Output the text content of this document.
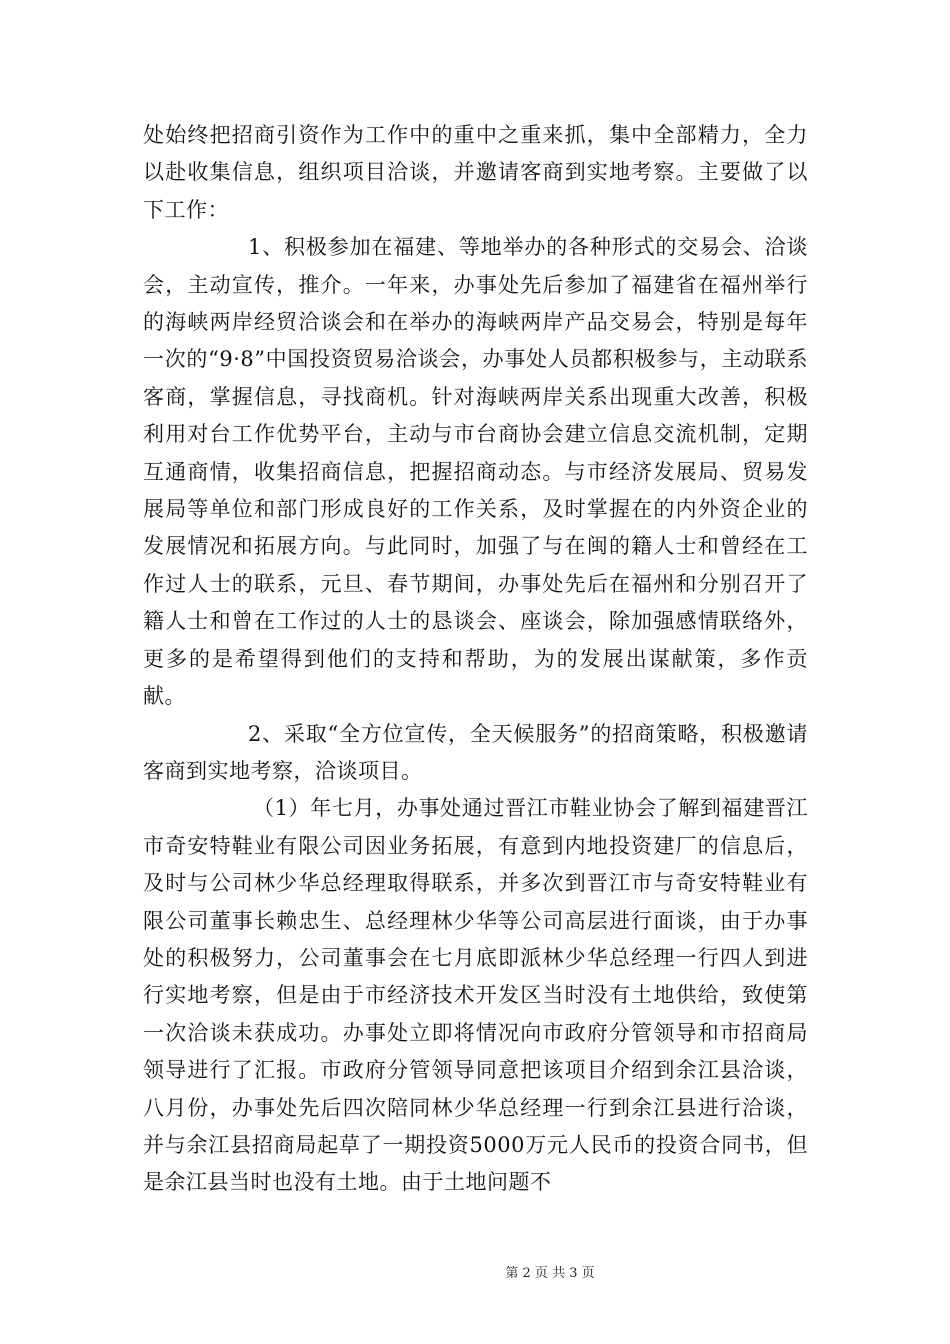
处始终把招商引资作为工作中的重中之重来抓，集中全部精力，全力以赴收集信息，组织项目洽谈，并邀请客商到实地考察。主要做了以下工作：

1、积极参加在福建、等地举办的各种形式的交易会、洽谈会，主动宣传，推介。一年来，办事处先后参加了福建省在福州举行的海峡两岸经贸洽谈会和在举办的海峡两岸产品交易会，特别是每年一次的“9·8”中国投资贸易洽谈会，办事处人员都积极参与，主动联系客商，掌握信息，寻找商机。针对海峡两岸关系出现重大改善，积极利用对台工作优势平台，主动与市台商协会建立信息交流机制，定期互通商情，收集招商信息，把握招商动态。与市经济发展局、贸易发展局等单位和部门形成良好的工作关系，及时掌握在的内外资企业的发展情况和拓展方向。与此同时，加强了与在闽的籍人士和曾经在工作过人士的联系，元旦、春节期间，办事处先后在福州和分别召开了籍人士和曾在工作过的人士的恳谈会、座谈会，除加强感情联络外，更多的是希望得到他们的支持和帮助，为的发展出谋献策，多作贡献。

2、采取“全方位宣传，全天候服务”的招商策略，积极邀请客商到实地考察，洽谈项目。

（1）年七月，办事处通过晋江市鞋业协会了解到福建晋江市奇安特鞋业有限公司因业务拓展，有意到内地投资建厂的信息后，及时与公司林少华总经理取得联系，并多次到晋江市与奇安特鞋业有限公司董事长赖忠生、总经理林少华等公司高层进行面谈，由于办事处的积极努力，公司董事会在七月底即派林少华总经理一行四人到进行实地考察，但是由于市经济技术开发区当时没有土地供给，致使第一次洽谈未获成功。办事处立即将情况向市政府分管领导和市招商局领导进行了汇报。市政府分管领导同意把该项目介绍到余江县洽谈，八月份，办事处先后四次陪同林少华总经理一行到余江县进行洽谈，并与余江县招商局起草了一期投资5000万元人民币的投资合同书，但是余江县当时也没有土地。由于土地问题不

第 2 页 共 3 页
